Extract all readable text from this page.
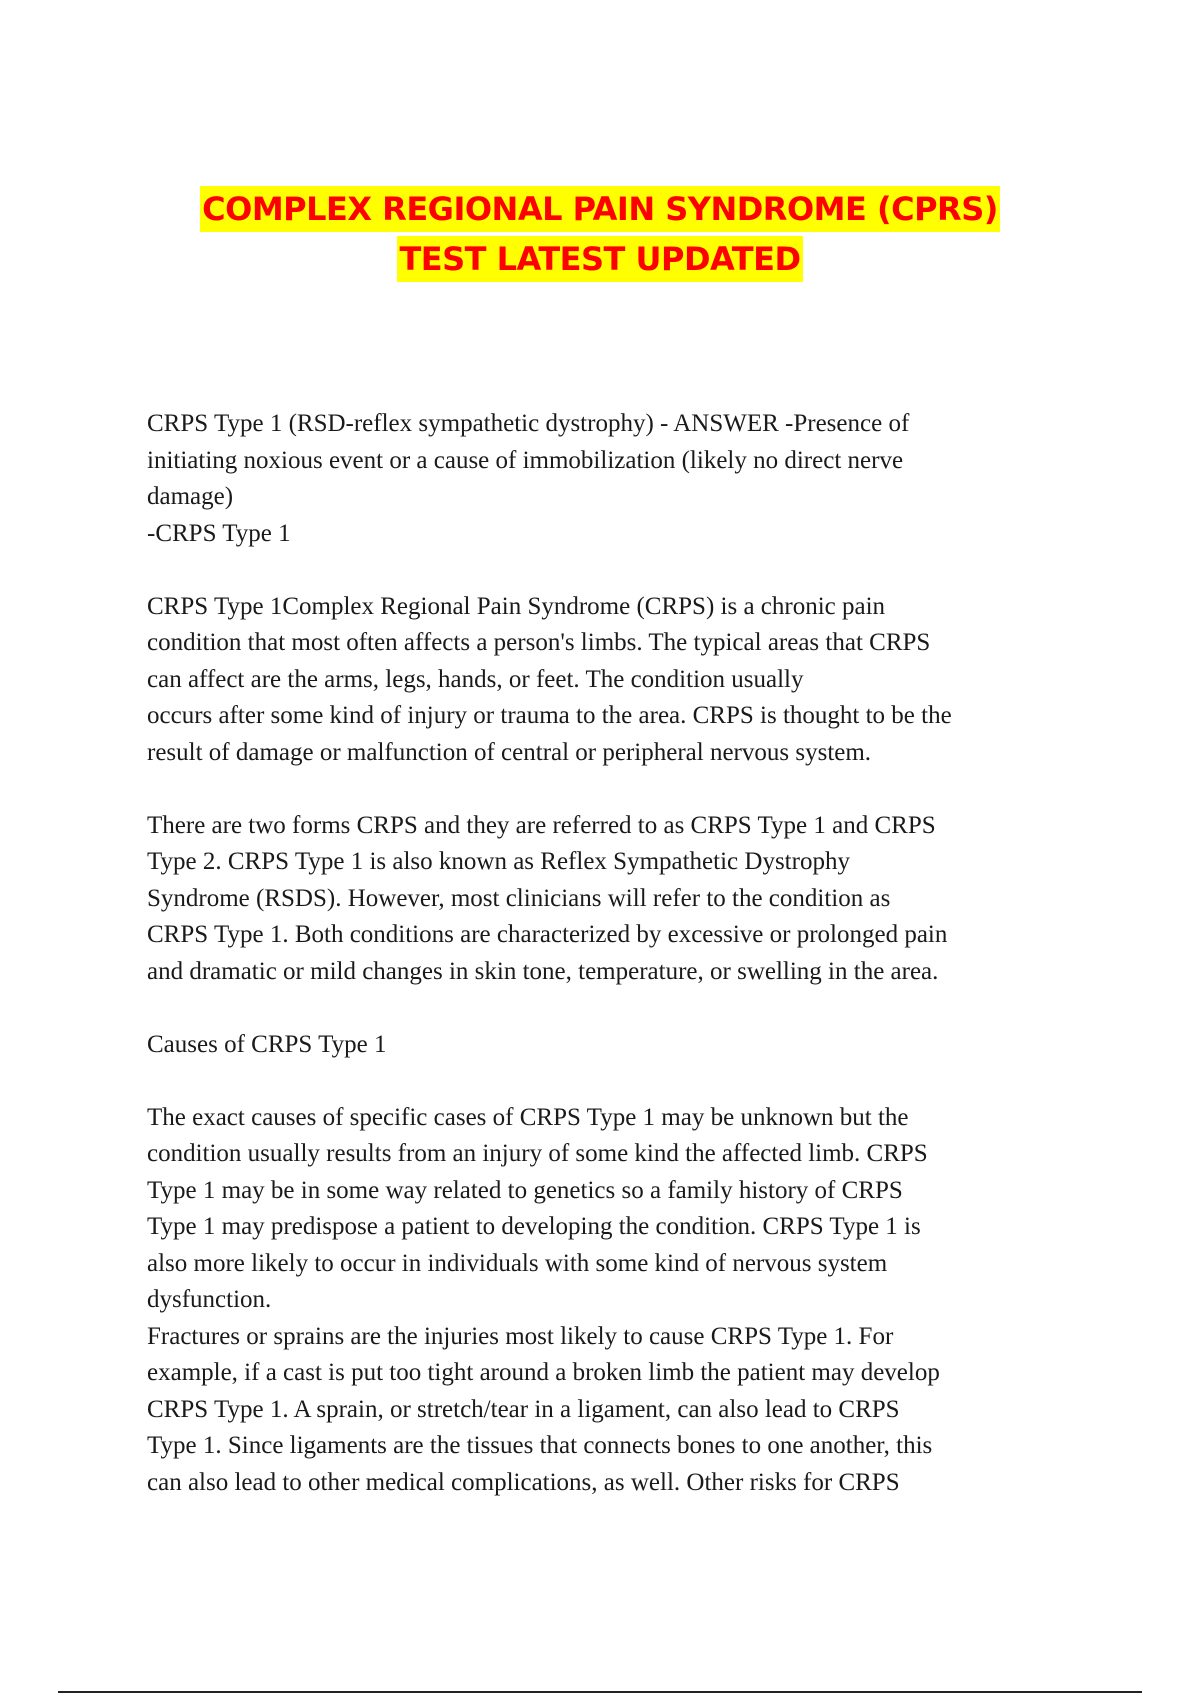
COMPLEX REGIONAL PAIN SYNDROME (CPRS)
TEST LATEST UPDATED
CRPS Type 1 (RSD-reflex sympathetic dystrophy) - ANSWER -Presence of
initiating noxious event or a cause of immobilization (likely no direct nerve
damage)
-CRPS Type 1
CRPS Type 1Complex Regional Pain Syndrome (CRPS) is a chronic pain
condition that most often affects a person's limbs. The typical areas that CRPS
can affect are the arms, legs, hands, or feet. The condition usually
occurs after some kind of injury or trauma to the area. CRPS is thought to be the
result of damage or malfunction of central or peripheral nervous system.
There are two forms CRPS and they are referred to as CRPS Type 1 and CRPS
Type 2. CRPS Type 1 is also known as Reflex Sympathetic Dystrophy
Syndrome (RSDS). However, most clinicians will refer to the condition as
CRPS Type 1. Both conditions are characterized by excessive or prolonged pain
and dramatic or mild changes in skin tone, temperature, or swelling in the area.
Causes of CRPS Type 1
The exact causes of specific cases of CRPS Type 1 may be unknown but the
condition usually results from an injury of some kind the affected limb. CRPS
Type 1 may be in some way related to genetics so a family history of CRPS
Type 1 may predispose a patient to developing the condition. CRPS Type 1 is
also more likely to occur in individuals with some kind of nervous system
dysfunction.
Fractures or sprains are the injuries most likely to cause CRPS Type 1. For
example, if a cast is put too tight around a broken limb the patient may develop
CRPS Type 1. A sprain, or stretch/tear in a ligament, can also lead to CRPS
Type 1. Since ligaments are the tissues that connects bones to one another, this
can also lead to other medical complications, as well. Other risks for CRPS
